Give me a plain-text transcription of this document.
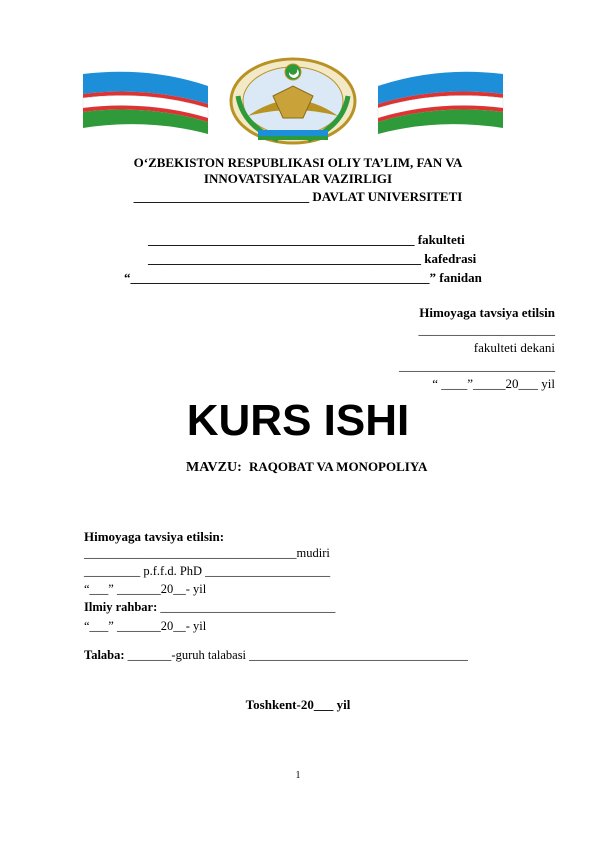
O‘ZBEKISTON RESPUBLIKASI OLIY TA’LIM, FAN VA
INNOVATSIYALAR VAZIRLIGI
___________________________ DAVLAT UNIVERSITETI
_________________________________________ fakulteti
__________________________________________ kafedrasi
“______________________________________________” fanidan
Himoyaga tavsiya etilsin
_____________________
fakulteti dekani
________________________
“ ____”_____20___ yil
KURS ISHI
MAVZU: RAQOBAT VA MONOPOLIYA
Himoyaga tavsiya etilsin:
__________________________________mudiri
_________ p.f.f.d. PhD ____________________
“___” _______20__- yil
Ilmiy rahbar: ____________________________
“___” _______20__- yil
Talaba: _______-guruh talabasi ___________________________________
Toshkent-20___ yil
1
